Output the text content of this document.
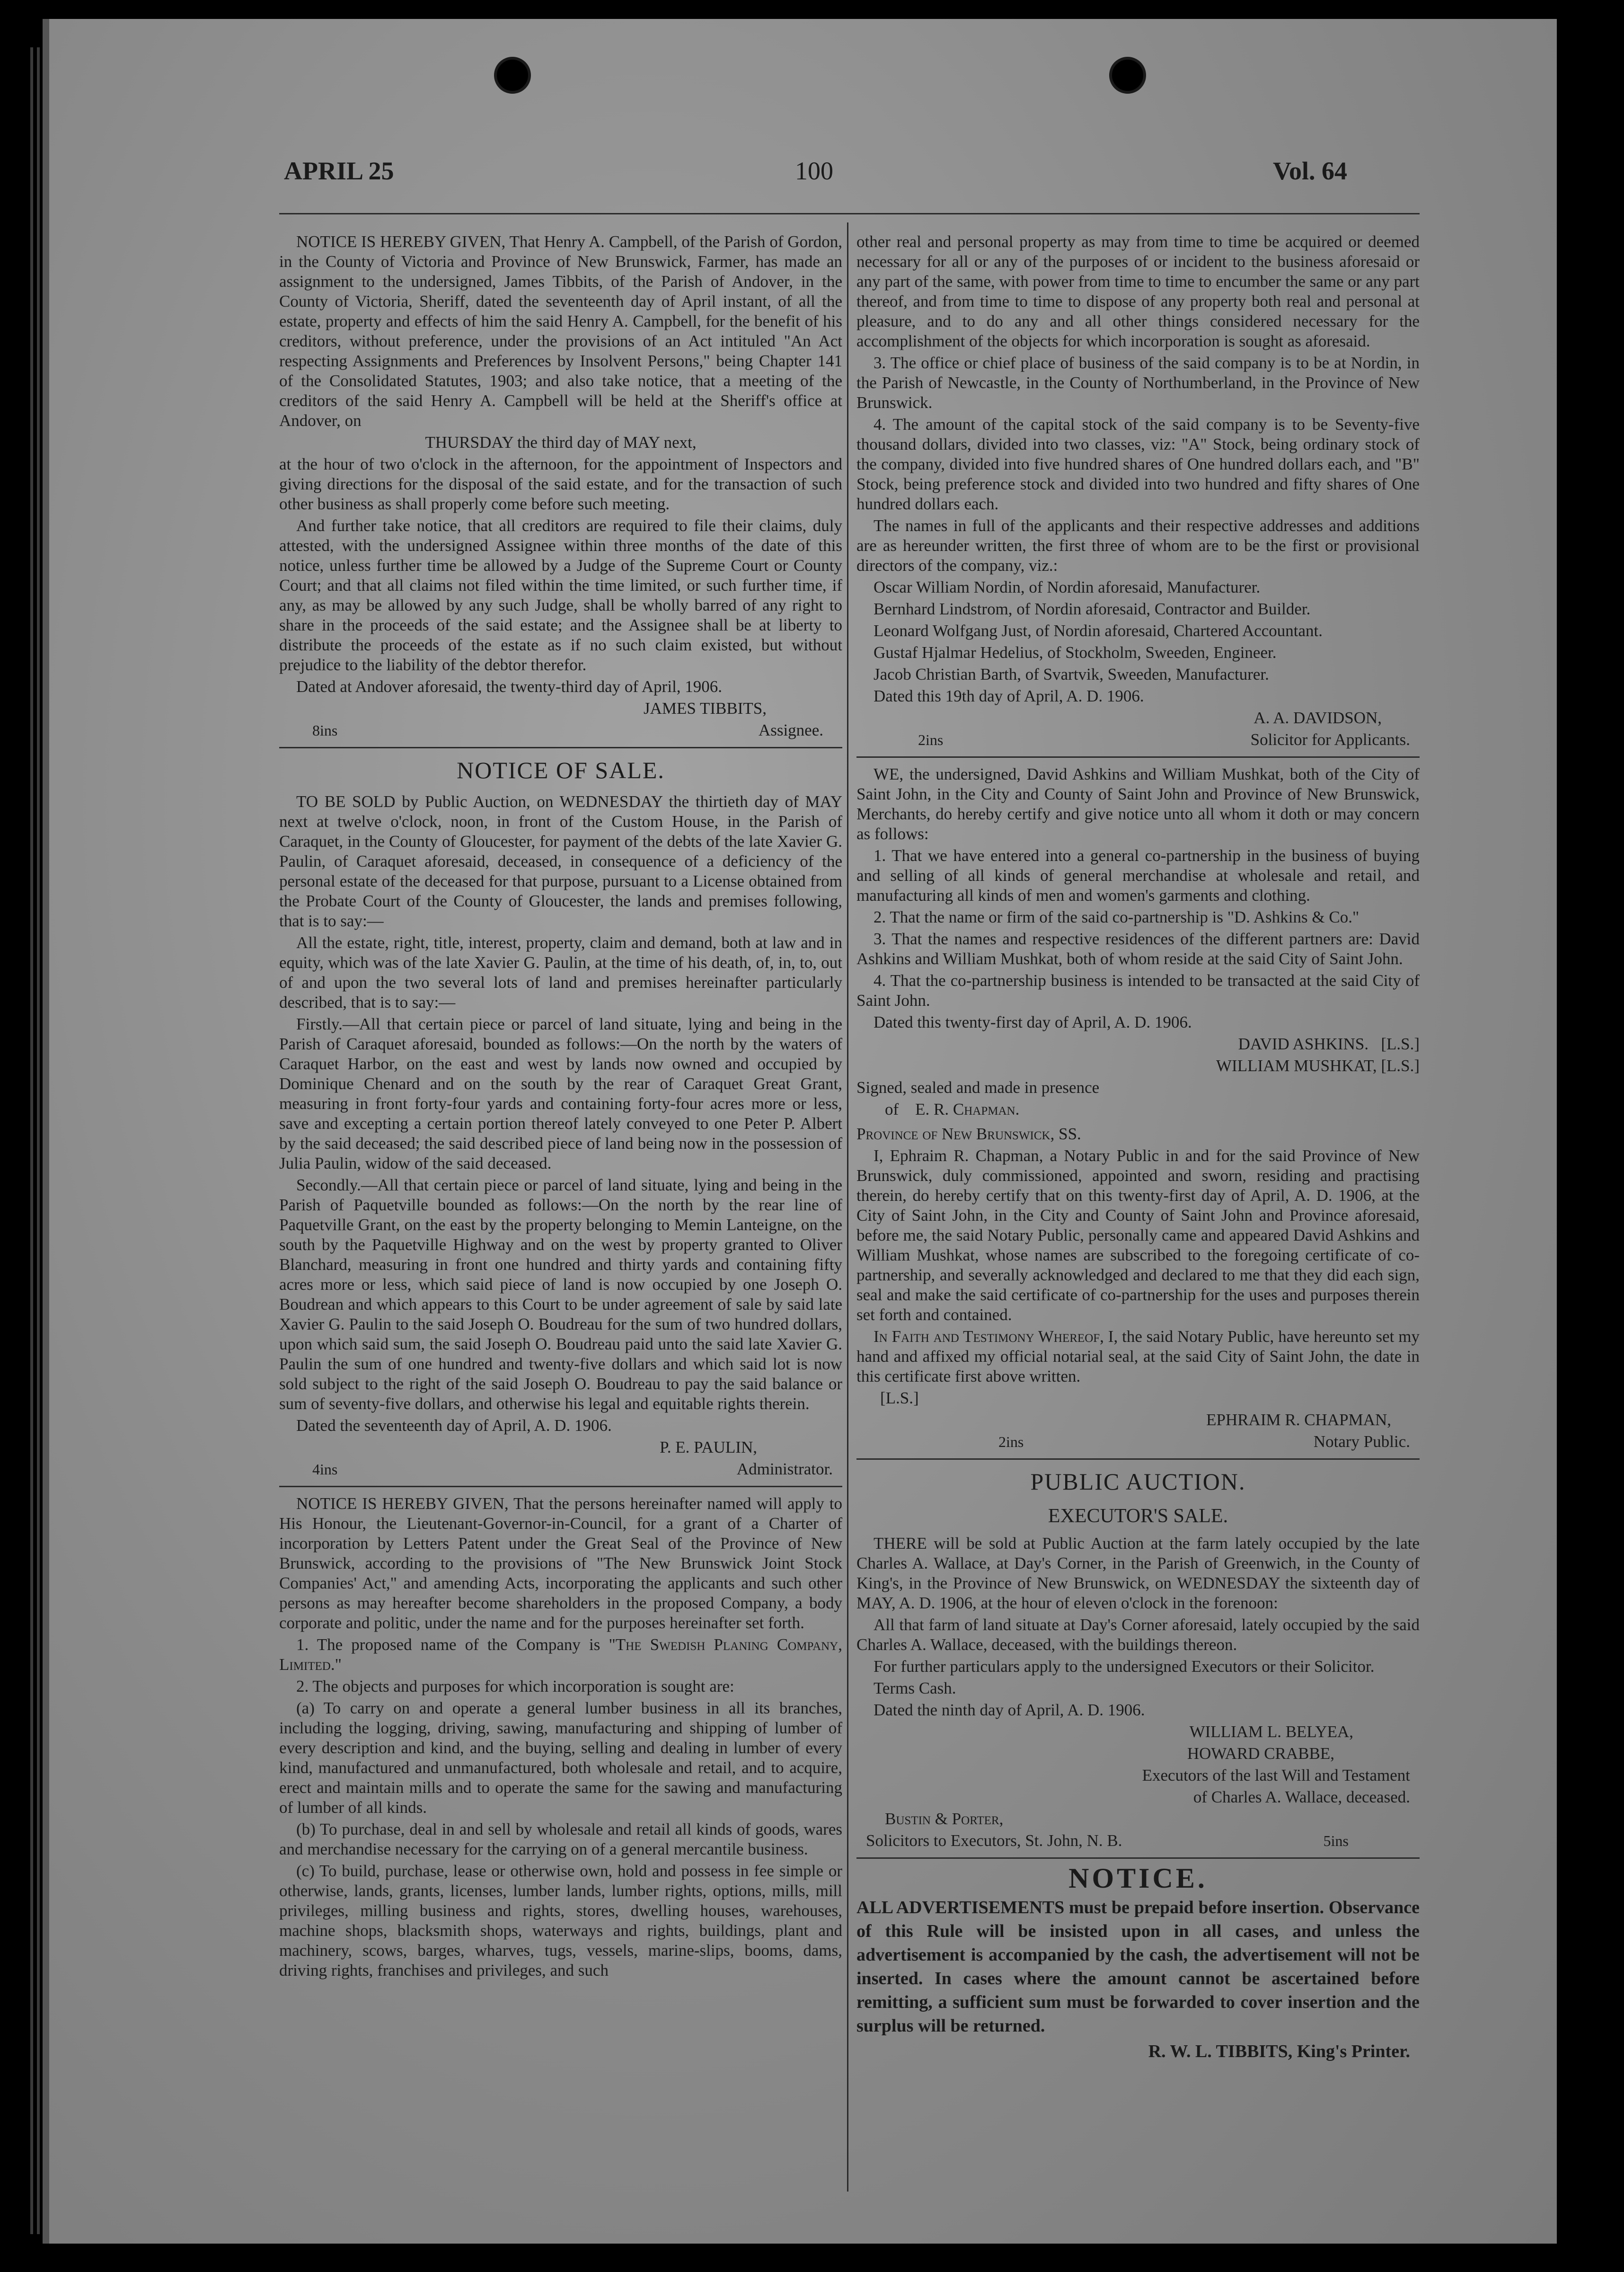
APRIL 25	100	Vol. 64

NOTICE IS HEREBY GIVEN, That Henry A. Campbell, of the Parish of Gordon, in the County of Victoria and Province of New Brunswick, Farmer, has made an assignment to the undersigned, James Tibbits, of the Parish of Andover, in the County of Victoria, Sheriff, dated the seventeenth day of April instant, of all the estate, property and effects of him the said Henry A. Campbell, for the benefit of his creditors, without preference, under the provisions of an Act intituled "An Act respecting Assignments and Preferences by Insolvent Persons," being Chapter 141 of the Consolidated Statutes, 1903; and also take notice, that a meeting of the creditors of the said Henry A. Campbell will be held at the Sheriff's office at Andover, on

THURSDAY the third day of MAY next,

at the hour of two o'clock in the afternoon, for the appointment of Inspectors and giving directions for the disposal of the said estate, and for the transaction of such other business as shall properly come before such meeting.

And further take notice, that all creditors are required to file their claims, duly attested, with the undersigned Assignee within three months of the date of this notice, unless further time be allowed by a Judge of the Supreme Court or County Court; and that all claims not filed within the time limited, or such further time, if any, as may be allowed by any such Judge, shall be wholly barred of any right to share in the proceeds of the said estate; and the Assignee shall be at liberty to distribute the proceeds of the estate as if no such claim existed, but without prejudice to the liability of the debtor therefor.

Dated at Andover aforesaid, the twenty-third day of April, 1906.

JAMES TIBBITS,

8ins	Assignee.
NOTICE OF SALE.

TO BE SOLD by Public Auction, on WEDNESDAY the thirtieth day of MAY next at twelve o'clock, noon, in front of the Custom House, in the Parish of Caraquet, in the County of Gloucester, for payment of the debts of the late Xavier G. Paulin, of Caraquet aforesaid, deceased, in consequence of a deficiency of the personal estate of the deceased for that purpose, pursuant to a License obtained from the Probate Court of the County of Gloucester, the lands and premises following, that is to say:—

All the estate, right, title, interest, property, claim and demand, both at law and in equity, which was of the late Xavier G. Paulin, at the time of his death, of, in, to, out of and upon the two several lots of land and premises hereinafter particularly described, that is to say:—

Firstly.—All that certain piece or parcel of land situate, lying and being in the Parish of Caraquet aforesaid, bounded as follows:—On the north by the waters of Caraquet Harbor, on the east and west by lands now owned and occupied by Dominique Chenard and on the south by the rear of Caraquet Great Grant, measuring in front forty-four yards and containing forty-four acres more or less, save and excepting a certain portion thereof lately conveyed to one Peter P. Albert by the said deceased; the said described piece of land being now in the possession of Julia Paulin, widow of the said deceased.

Secondly.—All that certain piece or parcel of land situate, lying and being in the Parish of Paquetville bounded as follows:—On the north by the rear line of Paquetville Grant, on the east by the property belonging to Memin Lanteigne, on the south by the Paquetville Highway and on the west by property granted to Oliver Blanchard, measuring in front one hundred and thirty yards and containing fifty acres more or less, which said piece of land is now occupied by one Joseph O. Boudrean and which appears to this Court to be under agreement of sale by said late Xavier G. Paulin to the said Joseph O. Boudreau for the sum of two hundred dollars, upon which said sum, the said Joseph O. Boudreau paid unto the said late Xavier G. Paulin the sum of one hundred and twenty-five dollars and which said lot is now sold subject to the right of the said Joseph O. Boudreau to pay the said balance or sum of seventy-five dollars, and otherwise his legal and equitable rights therein.

Dated the seventeenth day of April, A. D. 1906.

P. E. PAULIN,

4ins	Administrator.

NOTICE IS HEREBY GIVEN, That the persons hereinafter named will apply to His Honour, the Lieutenant-Governor-in-Council, for a grant of a Charter of incorporation by Letters Patent under the Great Seal of the Province of New Brunswick, according to the provisions of "The New Brunswick Joint Stock Companies' Act," and amending Acts, incorporating the applicants and such other persons as may hereafter become shareholders in the proposed Company, a body corporate and politic, under the name and for the purposes hereinafter set forth.

1. The proposed name of the Company is "The Swedish Planing Company, Limited."

2. The objects and purposes for which incorporation is sought are:

(a) To carry on and operate a general lumber business in all its branches, including the logging, driving, sawing, manufacturing and shipping of lumber of every description and kind, and the buying, selling and dealing in lumber of every kind, manufactured and unmanufactured, both wholesale and retail, and to acquire, erect and maintain mills and to operate the same for the sawing and manufacturing of lumber of all kinds.

(b) To purchase, deal in and sell by wholesale and retail all kinds of goods, wares and merchandise necessary for the carrying on of a general mercantile business.

(c) To build, purchase, lease or otherwise own, hold and possess in fee simple or otherwise, lands, grants, licenses, lumber lands, lumber rights, options, mills, mill privileges, milling business and rights, stores, dwelling houses, warehouses, machine shops, blacksmith shops, waterways and rights, buildings, plant and machinery, scows, barges, wharves, tugs, vessels, marine-slips, booms, dams, driving rights, franchises and privileges, and such

other real and personal property as may from time to time be acquired or deemed necessary for all or any of the purposes of or incident to the business aforesaid or any part of the same, with power from time to time to encumber the same or any part thereof, and from time to time to dispose of any property both real and personal at pleasure, and to do any and all other things considered necessary for the accomplishment of the objects for which incorporation is sought as aforesaid.

3. The office or chief place of business of the said company is to be at Nordin, in the Parish of Newcastle, in the County of Northumberland, in the Province of New Brunswick.

4. The amount of the capital stock of the said company is to be Seventy-five thousand dollars, divided into two classes, viz: "A" Stock, being ordinary stock of the company, divided into five hundred shares of One hundred dollars each, and "B" Stock, being preference stock and divided into two hundred and fifty shares of One hundred dollars each.

The names in full of the applicants and their respective addresses and additions are as hereunder written, the first three of whom are to be the first or provisional directors of the company, viz.:

Oscar William Nordin, of Nordin aforesaid, Manufacturer.

Bernhard Lindstrom, of Nordin aforesaid, Contractor and Builder.

Leonard Wolfgang Just, of Nordin aforesaid, Chartered Accountant.

Gustaf Hjalmar Hedelius, of Stockholm, Sweeden, Engineer.

Jacob Christian Barth, of Svartvik, Sweeden, Manufacturer.

Dated this 19th day of April, A. D. 1906.

A. A. DAVIDSON,

2ins	Solicitor for Applicants.

WE, the undersigned, David Ashkins and William Mushkat, both of the City of Saint John, in the City and County of Saint John and Province of New Brunswick, Merchants, do hereby certify and give notice unto all whom it doth or may concern as follows:

1. That we have entered into a general co-partnership in the business of buying and selling of all kinds of general merchandise at wholesale and retail, and manufacturing all kinds of men and women's garments and clothing.

2. That the name or firm of the said co-partnership is "D. Ashkins & Co."

3. That the names and respective residences of the different partners are: David Ashkins and William Mushkat, both of whom reside at the said City of Saint John.

4. That the co-partnership business is intended to be transacted at the said City of Saint John.

Dated this twenty-first day of April, A. D. 1906.

DAVID ASHKINS. [L.S.]

WILLIAM MUSHKAT, [L.S.]

Signed, sealed and made in presence

of E. R. Chapman.

Province of New Brunswick, SS.

I, Ephraim R. Chapman, a Notary Public in and for the said Province of New Brunswick, duly commissioned, appointed and sworn, residing and practising therein, do hereby certify that on this twenty-first day of April, A. D. 1906, at the City of Saint John, in the City and County of Saint John and Province aforesaid, before me, the said Notary Public, personally came and appeared David Ashkins and William Mushkat, whose names are subscribed to the foregoing certificate of co-partnership, and severally acknowledged and declared to me that they did each sign, seal and make the said certificate of co-partnership for the uses and purposes therein set forth and contained.

In Faith and Testimony Whereof, I, the said Notary Public, have hereunto set my hand and affixed my official notarial seal, at the said City of Saint John, the date in this certificate first above written.

[L.S.]

EPHRAIM R. CHAPMAN,

2ins	Notary Public.
PUBLIC AUCTION.
EXECUTOR'S SALE.

THERE will be sold at Public Auction at the farm lately occupied by the late Charles A. Wallace, at Day's Corner, in the Parish of Greenwich, in the County of King's, in the Province of New Brunswick, on WEDNESDAY the sixteenth day of MAY, A. D. 1906, at the hour of eleven o'clock in the forenoon:

All that farm of land situate at Day's Corner aforesaid, lately occupied by the said Charles A. Wallace, deceased, with the buildings thereon.

For further particulars apply to the undersigned Executors or their Solicitor.

Terms Cash.

Dated the ninth day of April, A. D. 1906.

WILLIAM L. BELYEA,

HOWARD CRABBE,

Executors of the last Will and Testament

of Charles A. Wallace, deceased.

Bustin & Porter,

Solicitors to Executors, St. John, N. B.	5ins
NOTICE.

ALL ADVERTISEMENTS must be prepaid before insertion. Observance of this Rule will be insisted upon in all cases, and unless the advertisement is accompanied by the cash, the advertisement will not be inserted. In cases where the amount cannot be ascertained before remitting, a sufficient sum must be forwarded to cover insertion and the surplus will be returned.

R. W. L. TIBBITS, King's Printer.
